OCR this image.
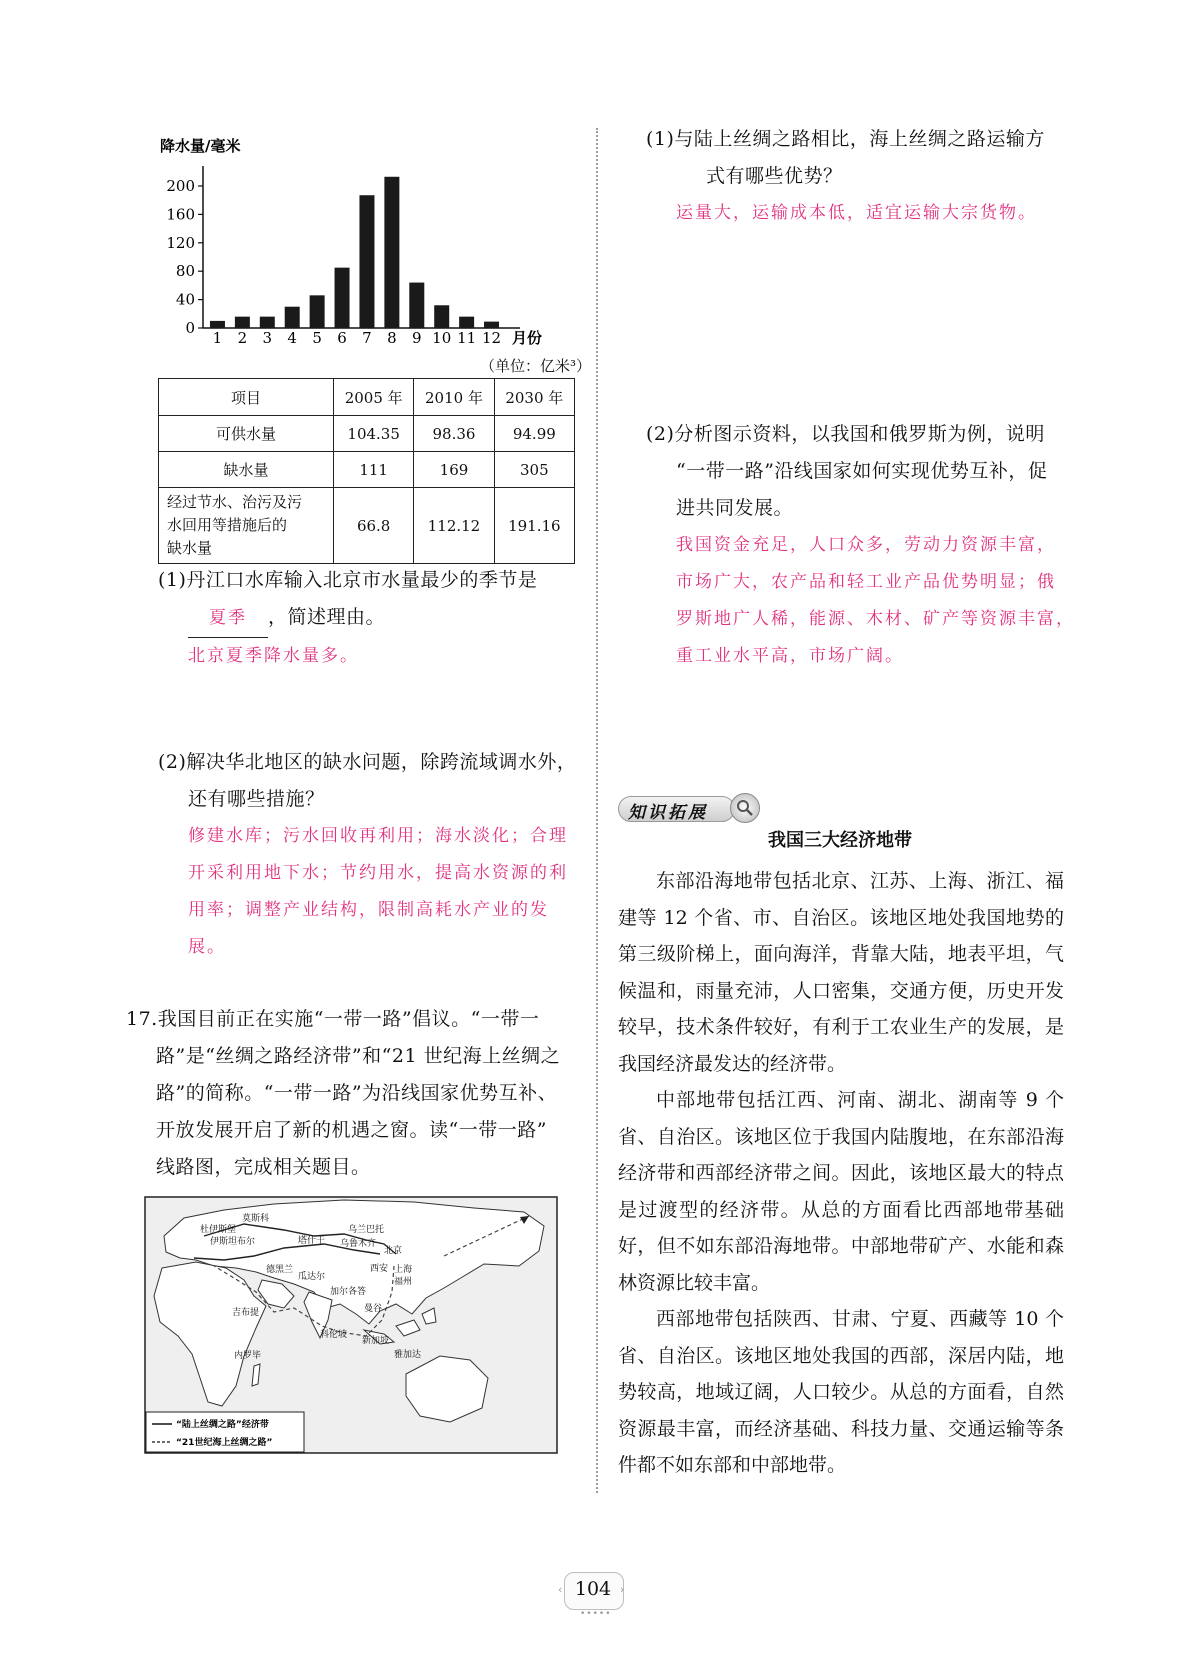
降水量/毫米
0
40
80
120
160
200
1 2 3 4 5 6 7 8 9 10 11 12 月份
（单位：亿米³）
项目	2005 年	2010 年	2030 年
可供水量	104.35	98.36	94.99
缺水量	111	169	305

经过节水、治污及污
水回用等措施后的
缺水量	66.8	112.12	191.16
(1)丹江口水库输入北京市水量最少的季节是
夏季 ，简述理由。
北京夏季降水量多。
(2)解决华北地区的缺水问题，除跨流域调水外，
还有哪些措施？
修建水库；污水回收再利用；海水淡化；合理
开采利用地下水；节约用水，提高水资源的利
用率；调整产业结构，限制高耗水产业的发
展。
17.我国目前正在实施“一带一路”倡议。“一带一
路”是“丝绸之路经济带”和“21 世纪海上丝绸之
路”的简称。“一带一路”为沿线国家优势互补、
开放发展开启了新的机遇之窗。读“一带一路”
线路图，完成相关题目。
莫斯科
杜伊斯堡
伊斯坦布尔	塔什干
乌兰巴托
乌鲁木齐
北京
德黑兰	西安 上海
瓜达尔	福州
吉布提
加尔各答
曼谷
科伦坡
内罗毕
新加坡
雅加达
“陆上丝绸之路”经济带
“21世纪海上丝绸之路”
(1)与陆上丝绸之路相比，海上丝绸之路运输方
式有哪些优势？
运量大，运输成本低，适宜运输大宗货物。
(2)分析图示资料，以我国和俄罗斯为例，说明
“一带一路”沿线国家如何实现优势互补，促
进共同发展。
我国资金充足，人口众多，劳动力资源丰富，
市场广大，农产品和轻工业产品优势明显；俄
罗斯地广人稀，能源、木材、矿产等资源丰富，
重工业水平高，市场广阔。
知识拓展
我国三大经济地带

东部沿海地带包括北京、江苏、上海、浙江、福建等 12 个省、市、自治区。该地区地处我国地势的第三级阶梯上，面向海洋，背靠大陆，地表平坦，气候温和，雨量充沛，人口密集，交通方便，历史开发较早，技术条件较好，有利于工农业生产的发展，是我国经济最发达的经济带。

中部地带包括江西、河南、湖北、湖南等 9 个省、自治区。该地区位于我国内陆腹地，在东部沿海经济带和西部经济带之间。因此，该地区最大的特点是过渡型的经济带。从总的方面看比西部地带基础好，但不如东部沿海地带。中部地带矿产、水能和森林资源比较丰富。

西部地带包括陕西、甘肃、宁夏、西藏等 10 个省、自治区。该地区地处我国的西部，深居内陆，地势较高，地域辽阔，人口较少。从总的方面看，自然资源最丰富，而经济基础、科技力量、交通运输等条件都不如东部和中部地带。

‹	›
104
•••••
